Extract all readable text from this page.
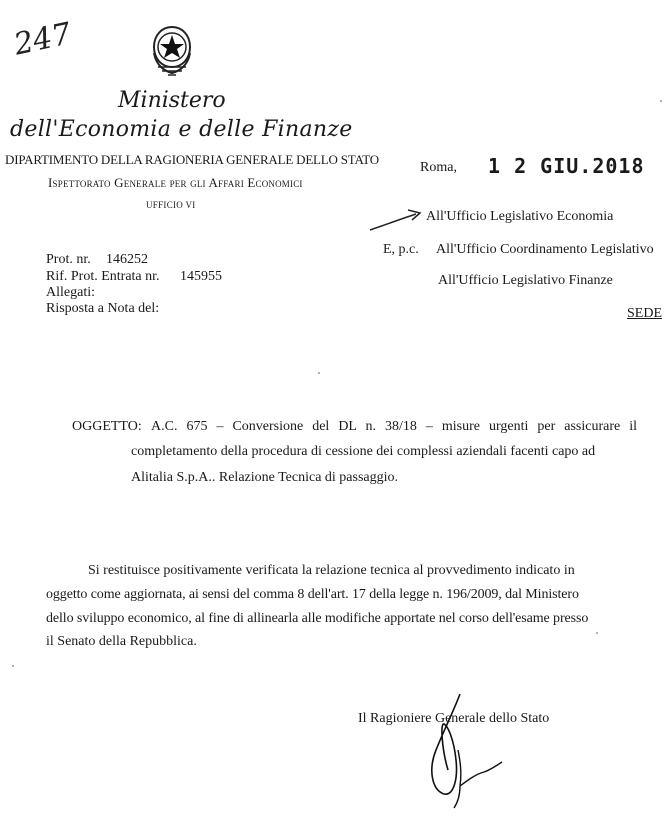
247
Ministero
dell'Economia e delle Finanze
DIPARTIMENTO DELLA RAGIONERIA GENERALE DELLO STATO
Ispettorato Generale per gli Affari Economici
UFFICIO VI
Roma, 1 2 GIU.2018
All'Ufficio Legislativo Economia
E, p.c. All'Ufficio Coordinamento Legislativo
All'Ufficio Legislativo Finanze
SEDE
Prot. nr. 146252
Rif. Prot. Entrata nr. 145955
Allegati:
Risposta a Nota del:
OGGETTO: A.C. 675 – Conversione del DL n. 38/18 – misure urgenti per assicurare il
completamento della procedura di cessione dei complessi aziendali facenti capo ad
Alitalia S.p.A.. Relazione Tecnica di passaggio.
Si restituisce positivamente verificata la relazione tecnica al provvedimento indicato in
oggetto come aggiornata, ai sensi del comma 8 dell'art. 17 della legge n. 196/2009, dal Ministero
dello sviluppo economico, al fine di allinearla alle modifiche apportate nel corso dell'esame presso
il Senato della Repubblica.
Il Ragioniere Generale dello Stato
